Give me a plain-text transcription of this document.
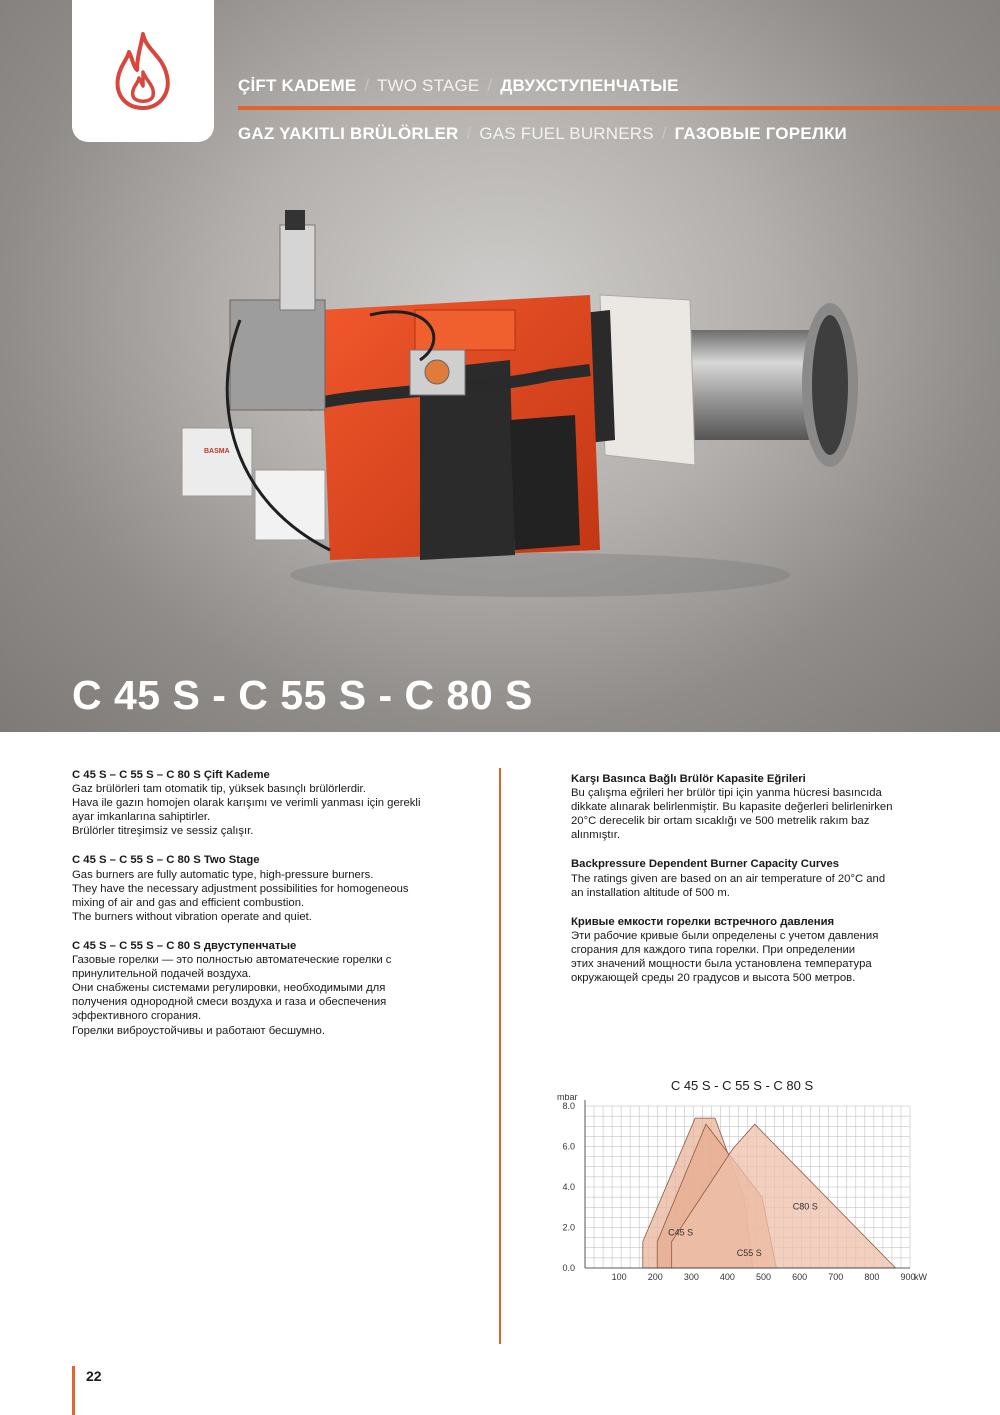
ÇİFT KADEME / TWO STAGE / ДВУХСТУПЕНЧАТЫЕ
GAZ YAKITLI BRÜLÖRLER / GAS FUEL BURNERS / ГАЗОВЫЕ ГОРЕЛКИ
BASMA
C 45 S - C 55 S - C 80 S
C 45 S – C 55 S – C 80 S Çift Kademe
Gaz brülörleri tam otomatik tip, yüksek basınçlı brülörlerdir.
Hava ile gazın homojen olarak karışımı ve verimli yanması için gerekli
ayar imkanlarına sahiptirler.
Brülörler titreşimsiz ve sessiz çalışır.
C 45 S – C 55 S – C 80 S Two Stage
Gas burners are fully automatic type, high-pressure burners.
They have the necessary adjustment possibilities for homogeneous
mixing of air and gas and efficient combustion.
The burners without vibration operate and quiet.
C 45 S – C 55 S – C 80 S двуступенчатые
Газовые горелки — это полностью автоматеческие горелки с
принулительной подачей воздуха.
Они снабжены системами регулировки, необходимыми для
получения однородной смеси воздуха и газа и обеспечения
эффективного сгорания.
Горелки виброустойчивы и работают бесшумно.
Karşı Basınca Bağlı Brülör Kapasite Eğrileri
Bu çalışma eğrileri her brülör tipi için yanma hücresi basıncıda
dikkate alınarak belirlenmiştir. Bu kapasite değerleri belirlenirken
20°C derecelik bir ortam sıcaklığı ve 500 metrelik rakım baz
alınmıştır.
Backpressure Dependent Burner Capacity Curves
The ratings given are based on an air temperature of 20°C and
an installation altitude of 500 m.
Кривые емкости горелки встречного давления
Эти рабочие кривые были определены с учетом давления
сгорания для каждого типа горелки. При определении
этих значений мощности была установлена температура
окружающей среды 20 градусов и высота 500 метров.
C 45 S - C 55 S - C 80 S
C45 S
C55 S
C80 S
0.0
2.0
4.0
6.0
8.0
100 200 300 400 500 600 700 800 900
mbar
kW
22
